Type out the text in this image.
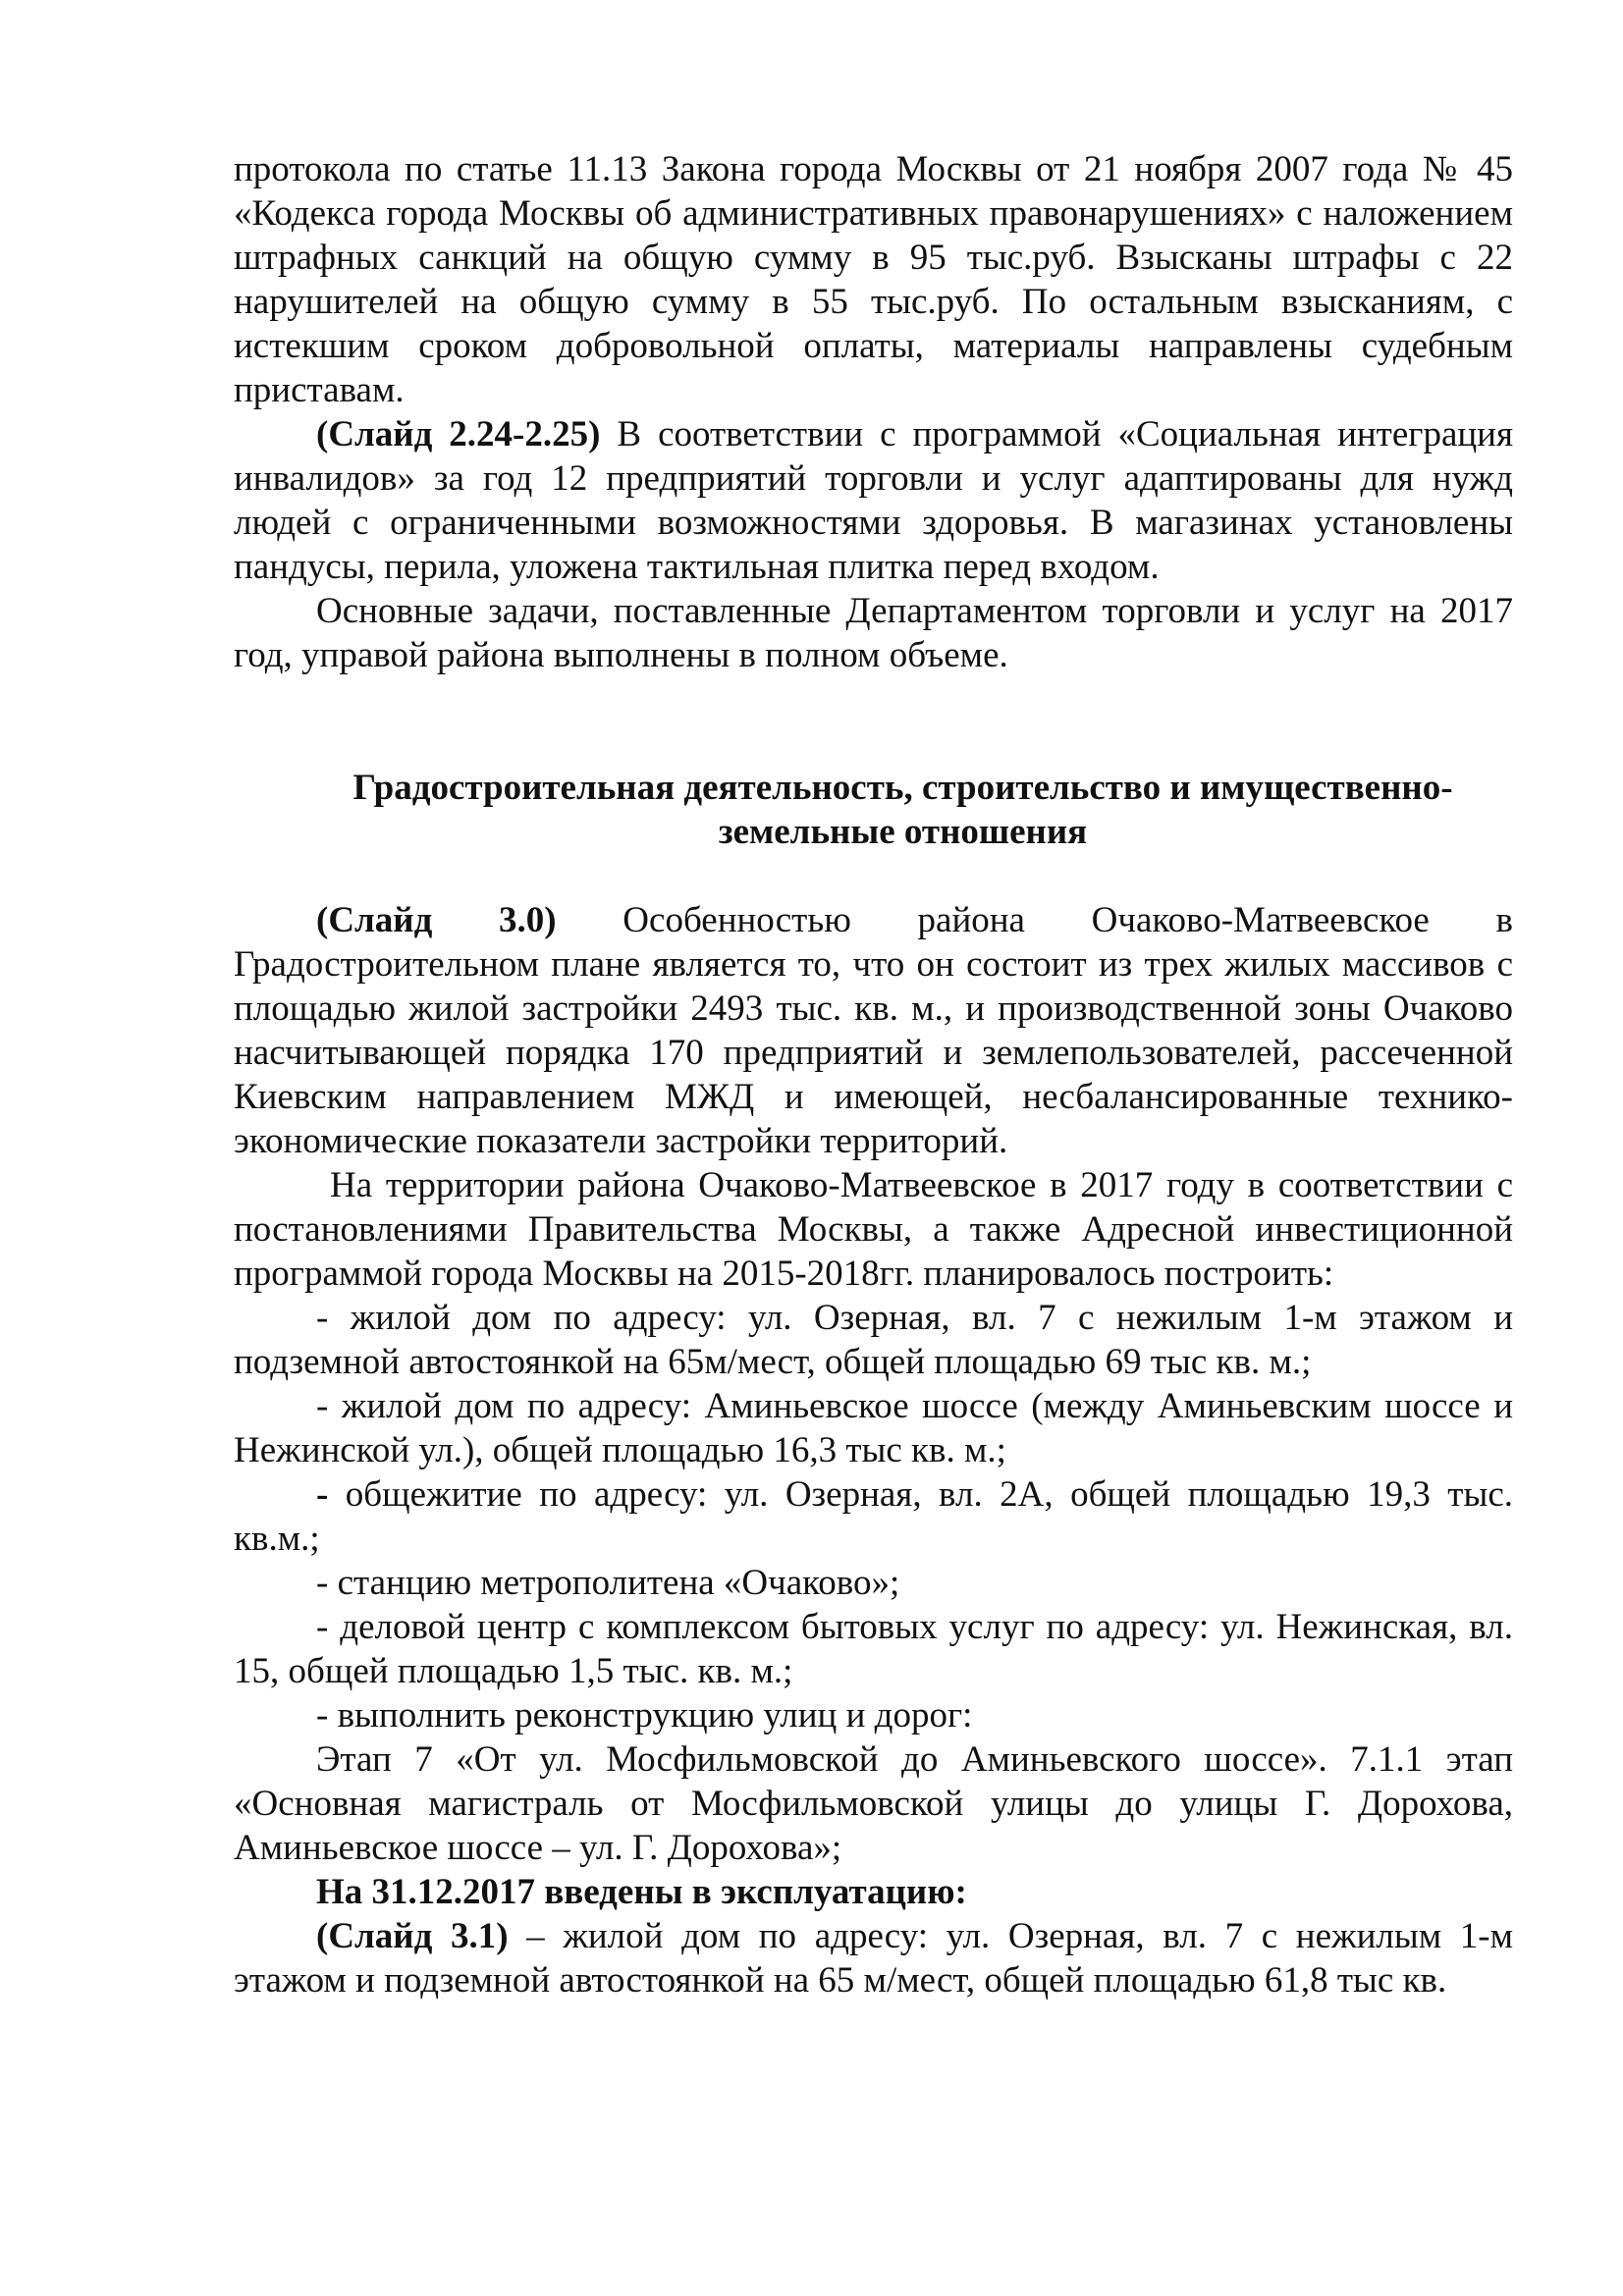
протокола по статье 11.13 Закона города Москвы от 21 ноября 2007 года № 45 «Кодекса города Москвы об административных правонарушениях» с наложением штрафных санкций на общую сумму в 95 тыс.руб. Взысканы штрафы с 22 нарушителей на общую сумму в 55 тыс.руб. По остальным взысканиям, с истекшим сроком добровольной оплаты, материалы направлены судебным приставам.

(Слайд 2.24-2.25) В соответствии с программой «Социальная интеграция инвалидов» за год 12 предприятий торговли и услуг адаптированы для нужд людей с ограниченными возможностями здоровья. В магазинах установлены пандусы, перила, уложена тактильная плитка перед входом.

Основные задачи, поставленные Департаментом торговли и услуг на 2017 год, управой района выполнены в полном объеме.

Градостроительная деятельность, строительство и имущественно-земельные отношения

(Слайд 3.0) Особенностью района Очаково-Матвеевское в Градостроительном плане является то, что он состоит из трех жилых массивов с площадью жилой застройки 2493 тыс. кв. м., и производственной зоны Очаково насчитывающей порядка 170 предприятий и землепользователей, рассеченной Киевским направлением МЖД и имеющей, несбалансированные технико-экономические показатели застройки территорий.

На территории района Очаково-Матвеевское в 2017 году в соответствии с постановлениями Правительства Москвы, а также Адресной инвестиционной программой города Москвы на 2015-2018гг. планировалось построить:

- жилой дом по адресу: ул. Озерная, вл. 7 с нежилым 1-м этажом и подземной автостоянкой на 65м/мест, общей площадью 69 тыс кв. м.;

- жилой дом по адресу: Аминьевское шоссе (между Аминьевским шоссе и Нежинской ул.), общей площадью 16,3 тыс кв. м.;

- общежитие по адресу: ул. Озерная, вл. 2А, общей площадью 19,3 тыс. кв.м.;

- станцию метрополитена «Очаково»;

- деловой центр с комплексом бытовых услуг по адресу: ул. Нежинская, вл. 15, общей площадью 1,5 тыс. кв. м.;

- выполнить реконструкцию улиц и дорог:

Этап 7 «От ул. Мосфильмовской до Аминьевского шоссе». 7.1.1 этап «Основная магистраль от Мосфильмовской улицы до улицы Г. Дорохова, Аминьевское шоссе – ул. Г. Дорохова»;

На 31.12.2017 введены в эксплуатацию:

(Слайд 3.1) – жилой дом по адресу: ул. Озерная, вл. 7 с нежилым 1-м этажом и подземной автостоянкой на 65 м/мест, общей площадью 61,8 тыс кв.
